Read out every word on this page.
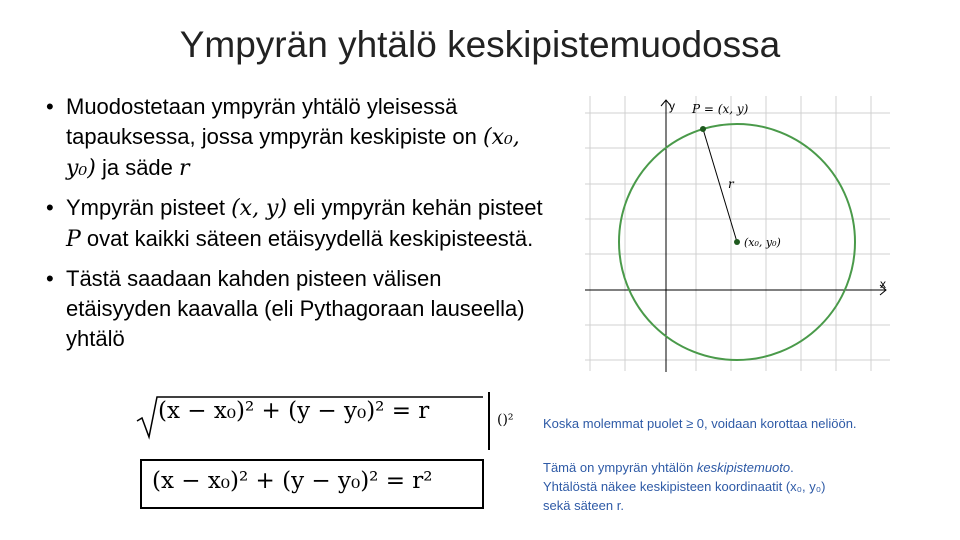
Ympyrän yhtälö keskipistemuodossa
• Muodostetaan ympyrän yhtälö yleisessä tapauksessa, jossa ympyrän keskipiste on (x₀, y₀) ja säde r
• Ympyrän pisteet (x, y) eli ympyrän kehän pisteet P ovat kaikki säteen etäisyydellä keskipisteestä.
• Tästä saadaan kahden pisteen välisen etäisyyden kaavalla (eli Pythagoraan lauseella) yhtälö
x
y P = (x, y)
r
(x₀, y₀)
(x − x₀)² + (y − y₀)² = r	()²
(x − x₀)² + (y − y₀)² = r²
Koska molemmat puolet ≥ 0, voidaan korottaa neliöön.
Tämä on ympyrän yhtälön keskipistemuoto.
Yhtälöstä näkee keskipisteen koordinaatit (x₀, y₀)
sekä säteen r.
